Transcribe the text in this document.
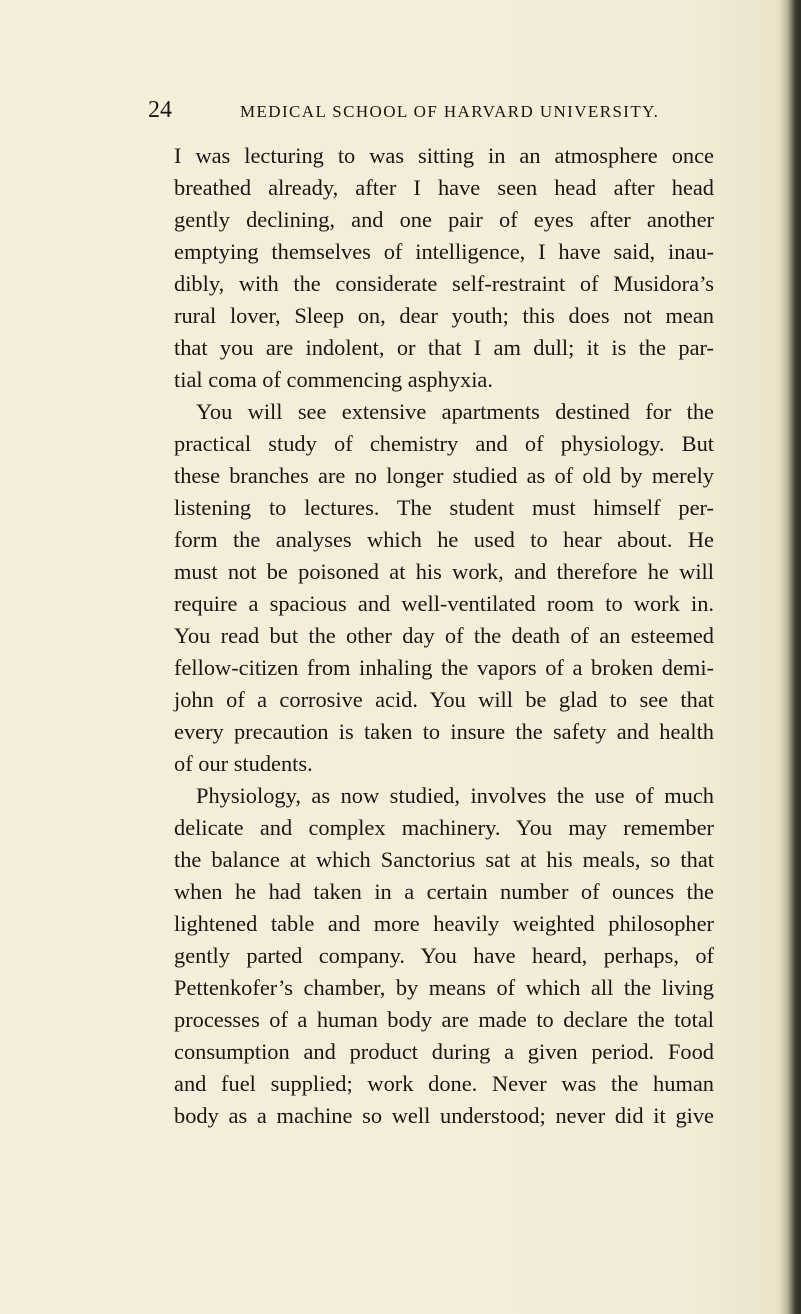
24	MEDICAL SCHOOL OF HARVARD UNIVERSITY.
I was lecturing to was sitting in an atmosphere once
breathed already, after I have seen head after head
gently declining, and one pair of eyes after another
emptying themselves of intelligence, I have said, inau-
dibly, with the considerate self-restraint of Musidora’s
rural lover, Sleep on, dear youth; this does not mean
that you are indolent, or that I am dull; it is the par-
tial coma of commencing asphyxia.
You will see extensive apartments destined for the
practical study of chemistry and of physiology. But
these branches are no longer studied as of old by merely
listening to lectures. The student must himself per-
form the analyses which he used to hear about. He
must not be poisoned at his work, and therefore he will
require a spacious and well-ventilated room to work in.
You read but the other day of the death of an esteemed
fellow-citizen from inhaling the vapors of a broken demi-
john of a corrosive acid. You will be glad to see that
every precaution is taken to insure the safety and health
of our students.
Physiology, as now studied, involves the use of much
delicate and complex machinery. You may remember
the balance at which Sanctorius sat at his meals, so that
when he had taken in a certain number of ounces the
lightened table and more heavily weighted philosopher
gently parted company. You have heard, perhaps, of
Pettenkofer’s chamber, by means of which all the living
processes of a human body are made to declare the total
consumption and product during a given period. Food
and fuel supplied; work done. Never was the human
body as a machine so well understood; never did it give
